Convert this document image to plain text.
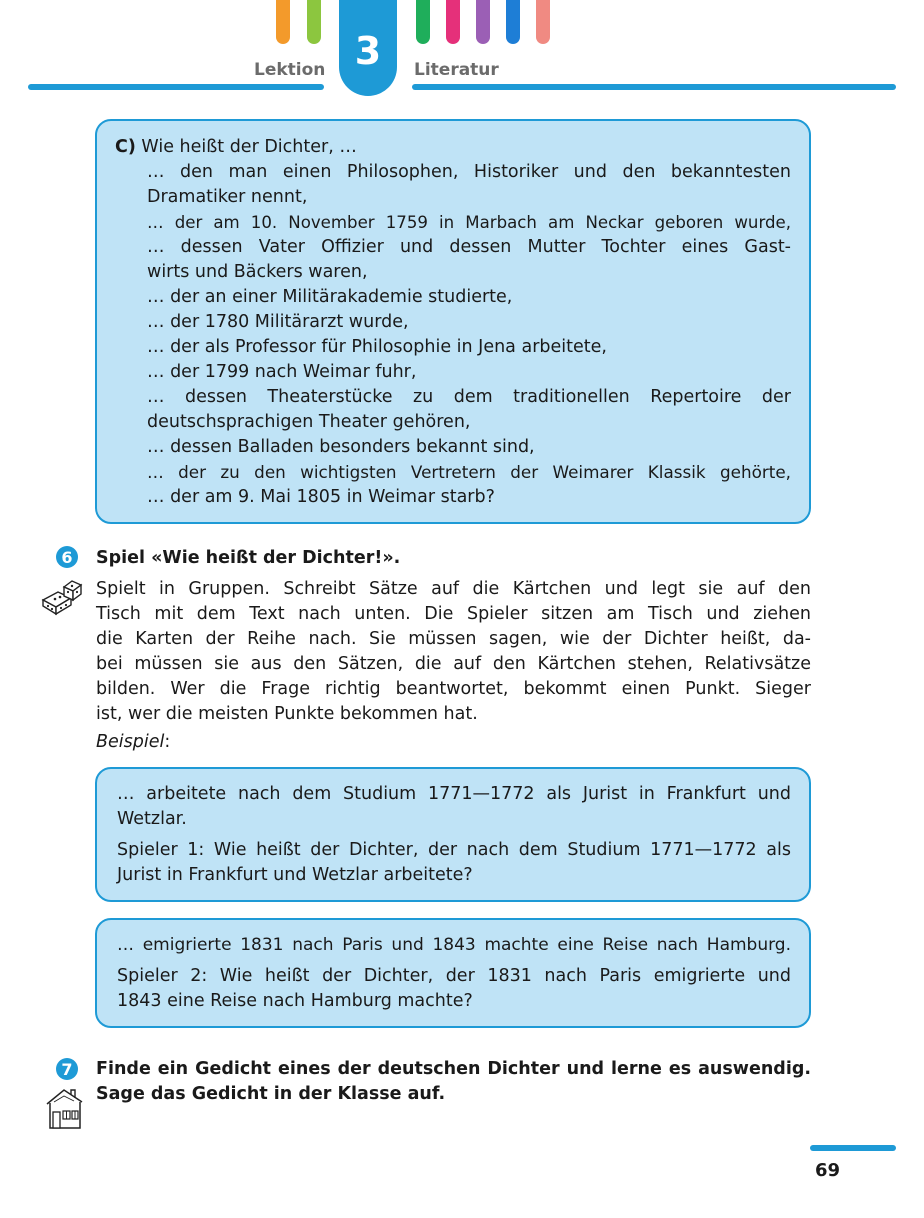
Lektion 3	Literatur
C) Wie heißt der Dichter, …
… den man einen Philosophen, Historiker und den bekanntesten
Dramatiker nennt,
… der am 10. November 1759 in Marbach am Neckar geboren wurde,
… dessen Vater Offizier und dessen Mutter Tochter eines Gast-
wirts und Bäckers waren,
… der an einer Militärakademie studierte,
… der 1780 Militärarzt wurde,
… der als Professor für Philosophie in Jena arbeitete,
… der 1799 nach Weimar fuhr,
… dessen Theaterstücke zu dem traditionellen Repertoire der
deutschsprachigen Theater gehören,
… dessen Balladen besonders bekannt sind,
… der zu den wichtigsten Vertretern der Weimarer Klassik gehörte,
… der am 9. Mai 1805 in Weimar starb?
6	Spiel «Wie heißt der Dichter!».
Spielt in Gruppen. Schreibt Sätze auf die Kärtchen und legt sie auf den
Tisch mit dem Text nach unten. Die Spieler sitzen am Tisch und ziehen
die Karten der Reihe nach. Sie müssen sagen, wie der Dichter heißt, da-
bei müssen sie aus den Sätzen, die auf den Kärtchen stehen, Relativsätze
bilden. Wer die Frage richtig beantwortet, bekommt einen Punkt. Sieger
ist, wer die meisten Punkte bekommen hat.
Beispiel:
… arbeitete nach dem Studium 1771—1772 als Jurist in Frankfurt und
Wetzlar.
Spieler 1: Wie heißt der Dichter, der nach dem Studium 1771—1772 als
Jurist in Frankfurt und Wetzlar arbeitete?
… emigrierte 1831 nach Paris und 1843 machte eine Reise nach Hamburg.
Spieler 2: Wie heißt der Dichter, der 1831 nach Paris emigrierte und
1843 eine Reise nach Hamburg machte?
7	Finde ein Gedicht eines der deutschen Dichter und lerne es auswendig.
Sage das Gedicht in der Klasse auf.
69
